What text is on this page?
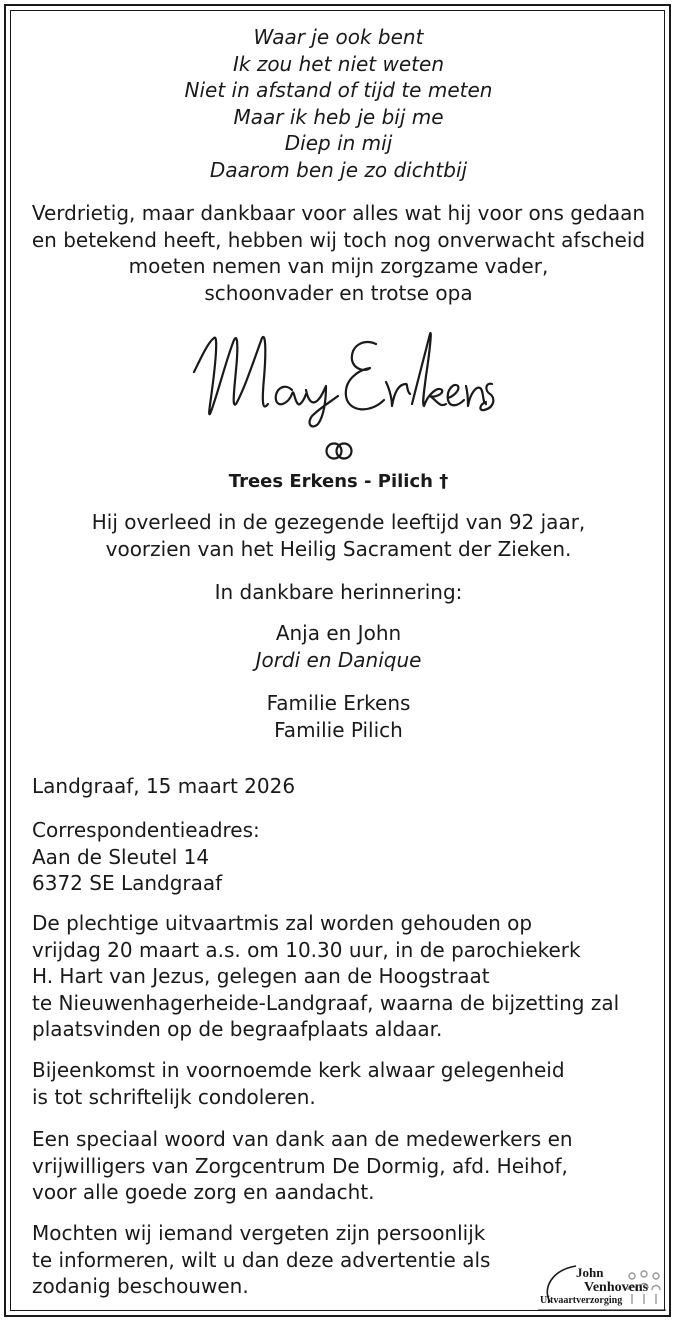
Waar je ook bent
Ik zou het niet weten
Niet in afstand of tijd te meten
Maar ik heb je bij me
Diep in mij
Daarom ben je zo dichtbij
Verdrietig, maar dankbaar voor alles wat hij voor ons gedaan
en betekend heeft, hebben wij toch nog onverwacht afscheid
moeten nemen van mijn zorgzame vader,
schoonvader en trotse opa
May Erkens
Trees Erkens - Pilich †
Hij overleed in de gezegende leeftijd van 92 jaar,
voorzien van het Heilig Sacrament der Zieken.
In dankbare herinnering:
Anja en John
Jordi en Danique
Familie Erkens
Familie Pilich
Landgraaf, 15 maart 2026
Correspondentieadres:
Aan de Sleutel 14
6372 SE Landgraaf
De plechtige uitvaartmis zal worden gehouden op
vrijdag 20 maart a.s. om 10.30 uur, in de parochiekerk
H. Hart van Jezus, gelegen aan de Hoogstraat
te Nieuwenhagerheide-Landgraaf, waarna de bijzetting zal
plaatsvinden op de begraafplaats aldaar.
Bijeenkomst in voornoemde kerk alwaar gelegenheid
is tot schriftelijk condoleren.
Een speciaal woord van dank aan de medewerkers en
vrijwilligers van Zorgcentrum De Dormig, afd. Heihof,
voor alle goede zorg en aandacht.
Mochten wij iemand vergeten zijn persoonlijk
te informeren, wilt u dan deze advertentie als
zodanig beschouwen.
John
Venhovens
Uitvaartverzorging
